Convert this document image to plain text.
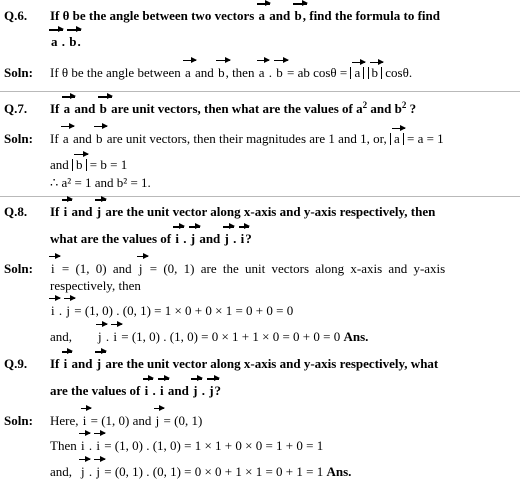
Q.6. If θ be the angle between two vectors a and b, find the formula to find
a . b.
Soln: If θ be the angle between a and b, then a . b = ab cosθ = a b cosθ.
Q.7. If a and b are unit vectors, then what are the values of $a^2$ and $b^2$ ?
Soln: If a and b are unit vectors, then their magnitudes are 1 and 1, or, a = a = 1
and b = b = 1
∴ a² = 1 and b² = 1.
Q.8. If i and j are the unit vector along x-axis and y-axis respectively, then
what are the values of i . j and j . i?
Soln: i = (1, 0) and j = (0, 1) are the unit vectors along x-axis and y-axis
respectively, then
i . j = (1, 0) . (0, 1) = 1 × 0 + 0 × 1 = 0 + 0 = 0
and, j . i = (1, 0) . (1, 0) = 0 × 1 + 1 × 0 = 0 + 0 = 0 Ans.
Q.9. If i and j are the unit vector along x-axis and y-axis respectively, what
are the values of i . i and j . j?
Soln: Here, i = (1, 0) and j = (0, 1)
Then i . i = (1, 0) . (1, 0) = 1 × 1 + 0 × 0 = 1 + 0 = 1
and, j . j = (0, 1) . (0, 1) = 0 × 0 + 1 × 1 = 0 + 1 = 1 Ans.
